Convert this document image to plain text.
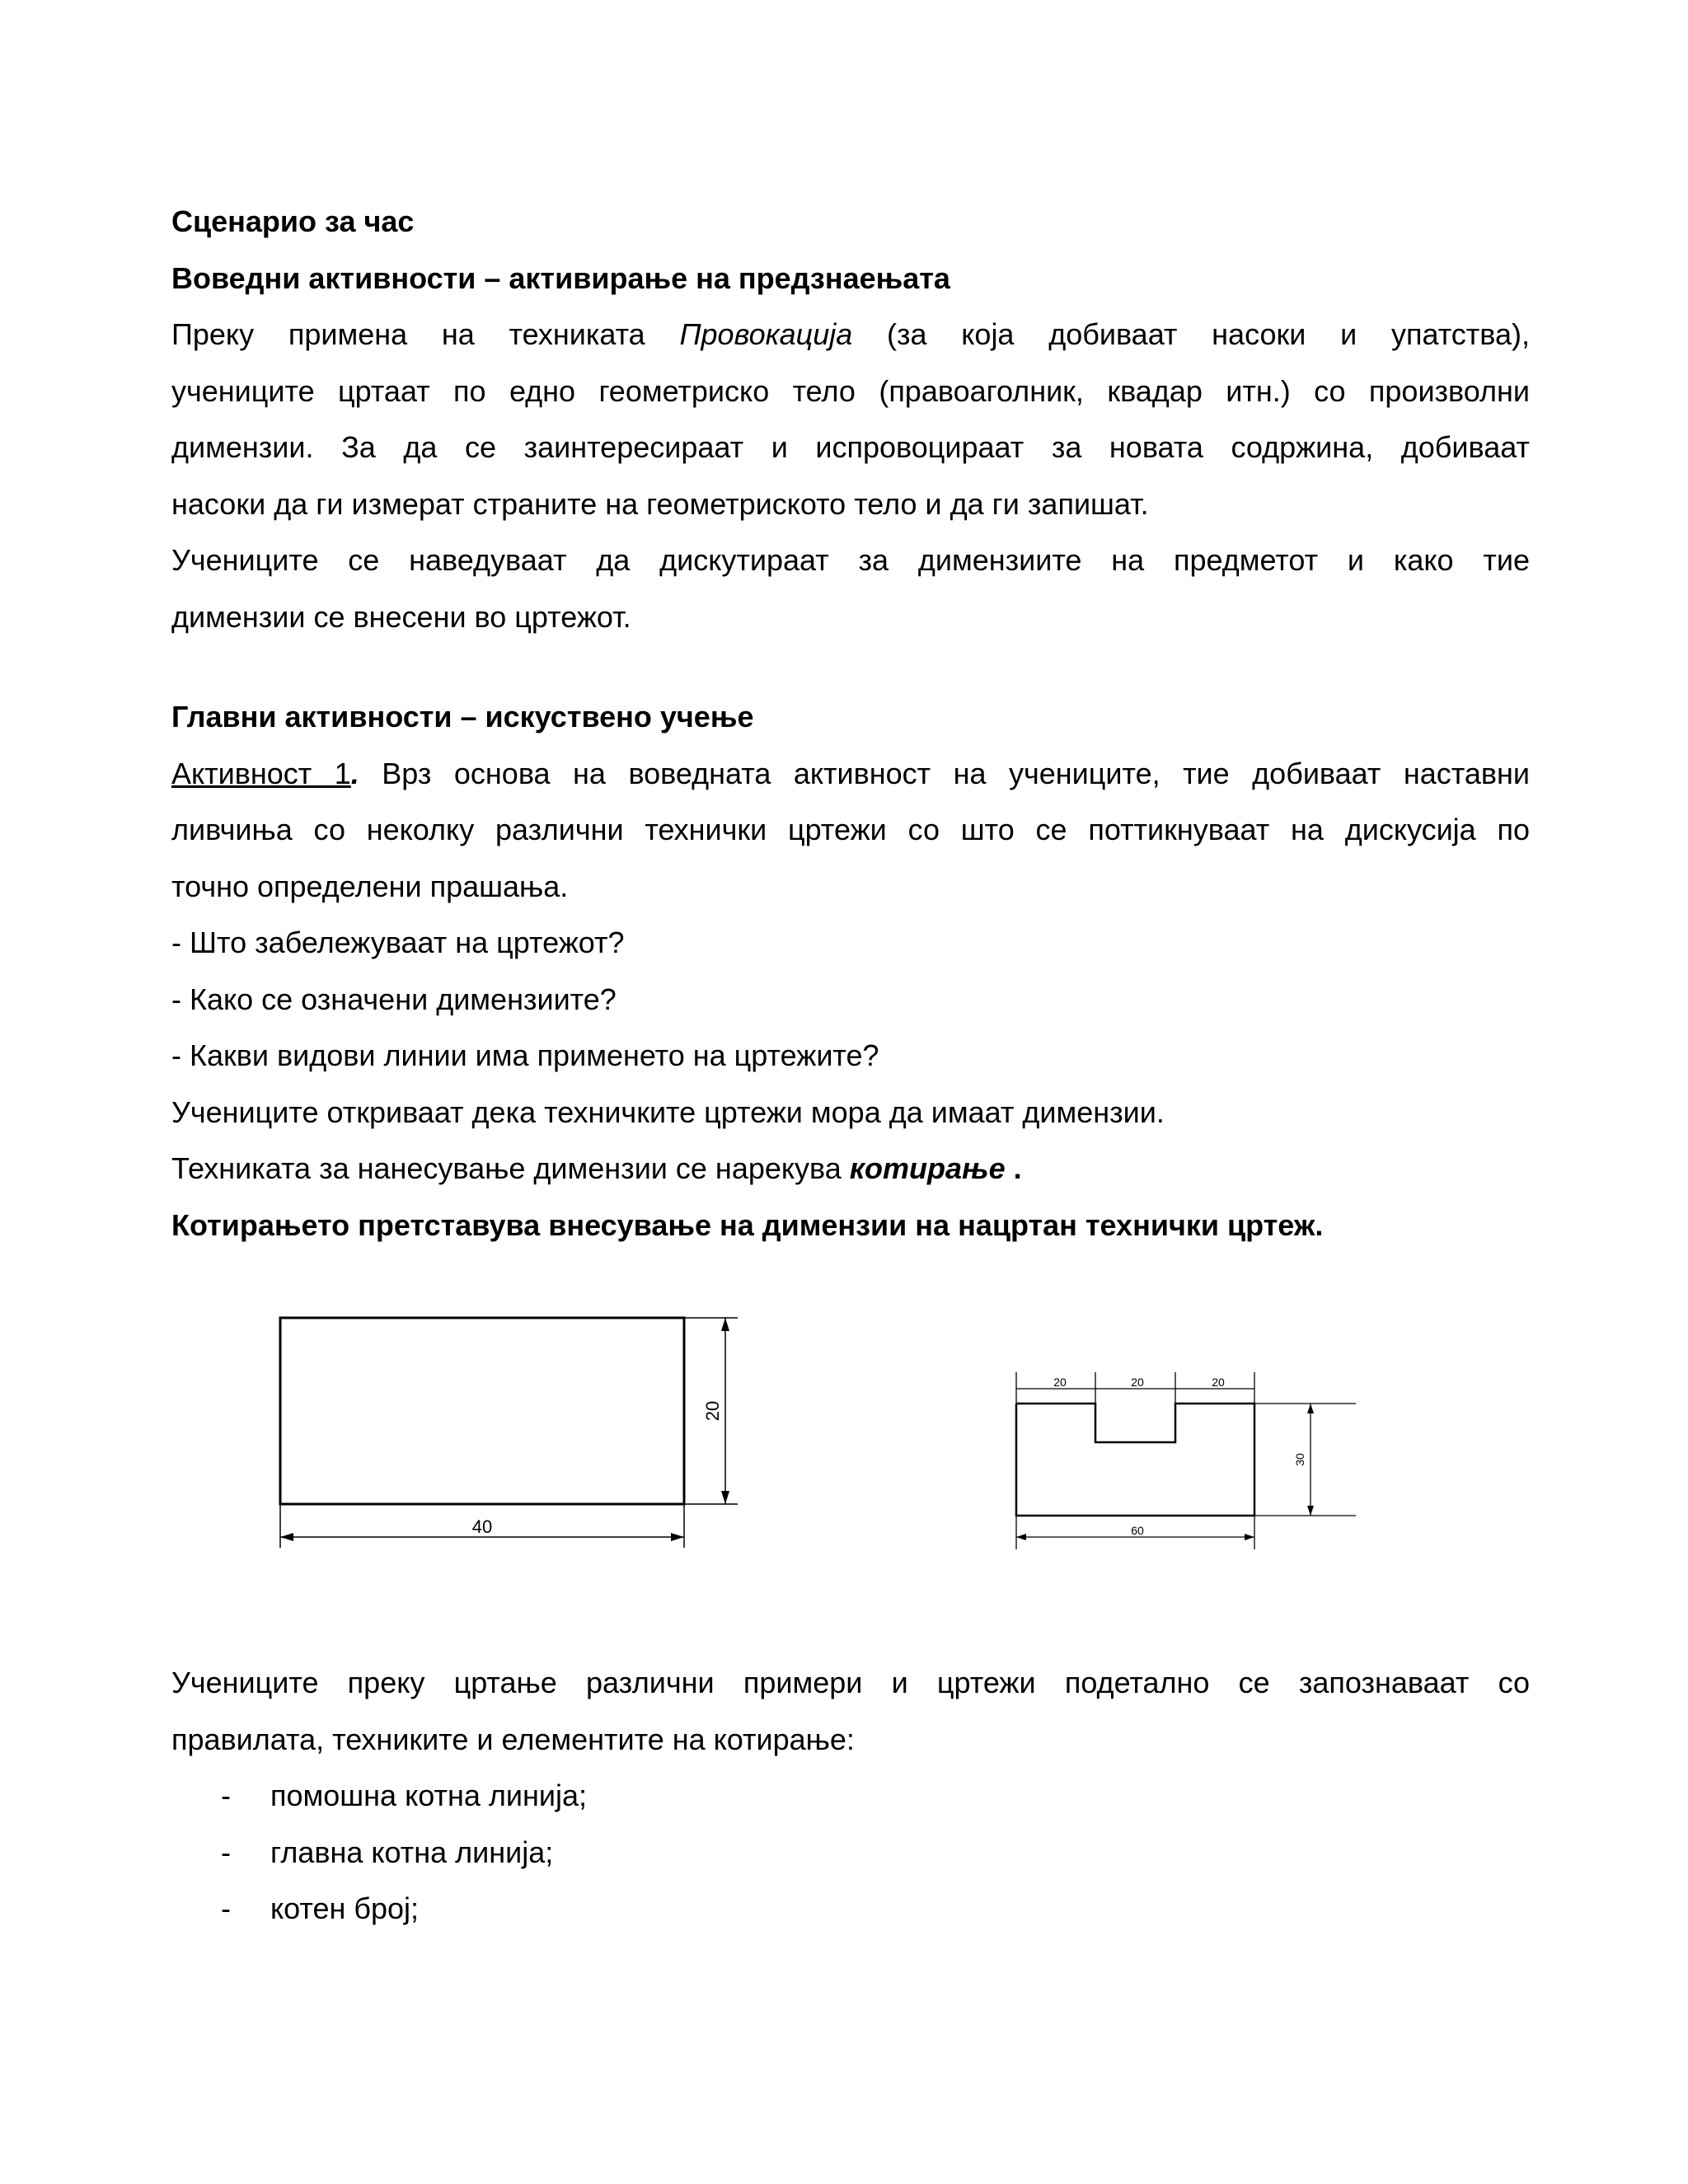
Сценарио за час

Воведни активности – активирање на предзнаењата

Преку примена на техниката Провокација (за која добиваат насоки и упатства),

учениците цртаат по едно геометриско тело (правоаголник, квадар итн.) со произволни

димензии. За да се заинтересираат и испровоцираат за новата содржина, добиваат

насоки да ги измерат страните на геометриското тело и да ги запишат.

Учениците се наведуваат да дискутираат за димензиите на предметот и како тие

димензии се внесени во цртежот.

Главни активности – искуствено учење

Активност 1. Врз основа на воведната активност на учениците, тие добиваат наставни

ливчиња со неколку различни технички цртежи со што се поттикнуваат на дискусија по

точно определени прашања.

- Што забележуваат на цртежот?

- Како се означени димензиите?

- Какви видови линии има применето на цртежите?

Учениците откриваат дека техничките цртежи мора да имаат димензии.

Техниката за нанесување димензии се нарекува котирање .

Котирањето претставува внесување на димензии на нацртан технички цртеж.

40
20
20	20	20
30
60

Учениците преку цртање различни примери и цртежи подетално се запознаваат со

правилата, техниките и елементите на котирање:

- помошна котна линија;

- главна котна линија;

- котен број;
